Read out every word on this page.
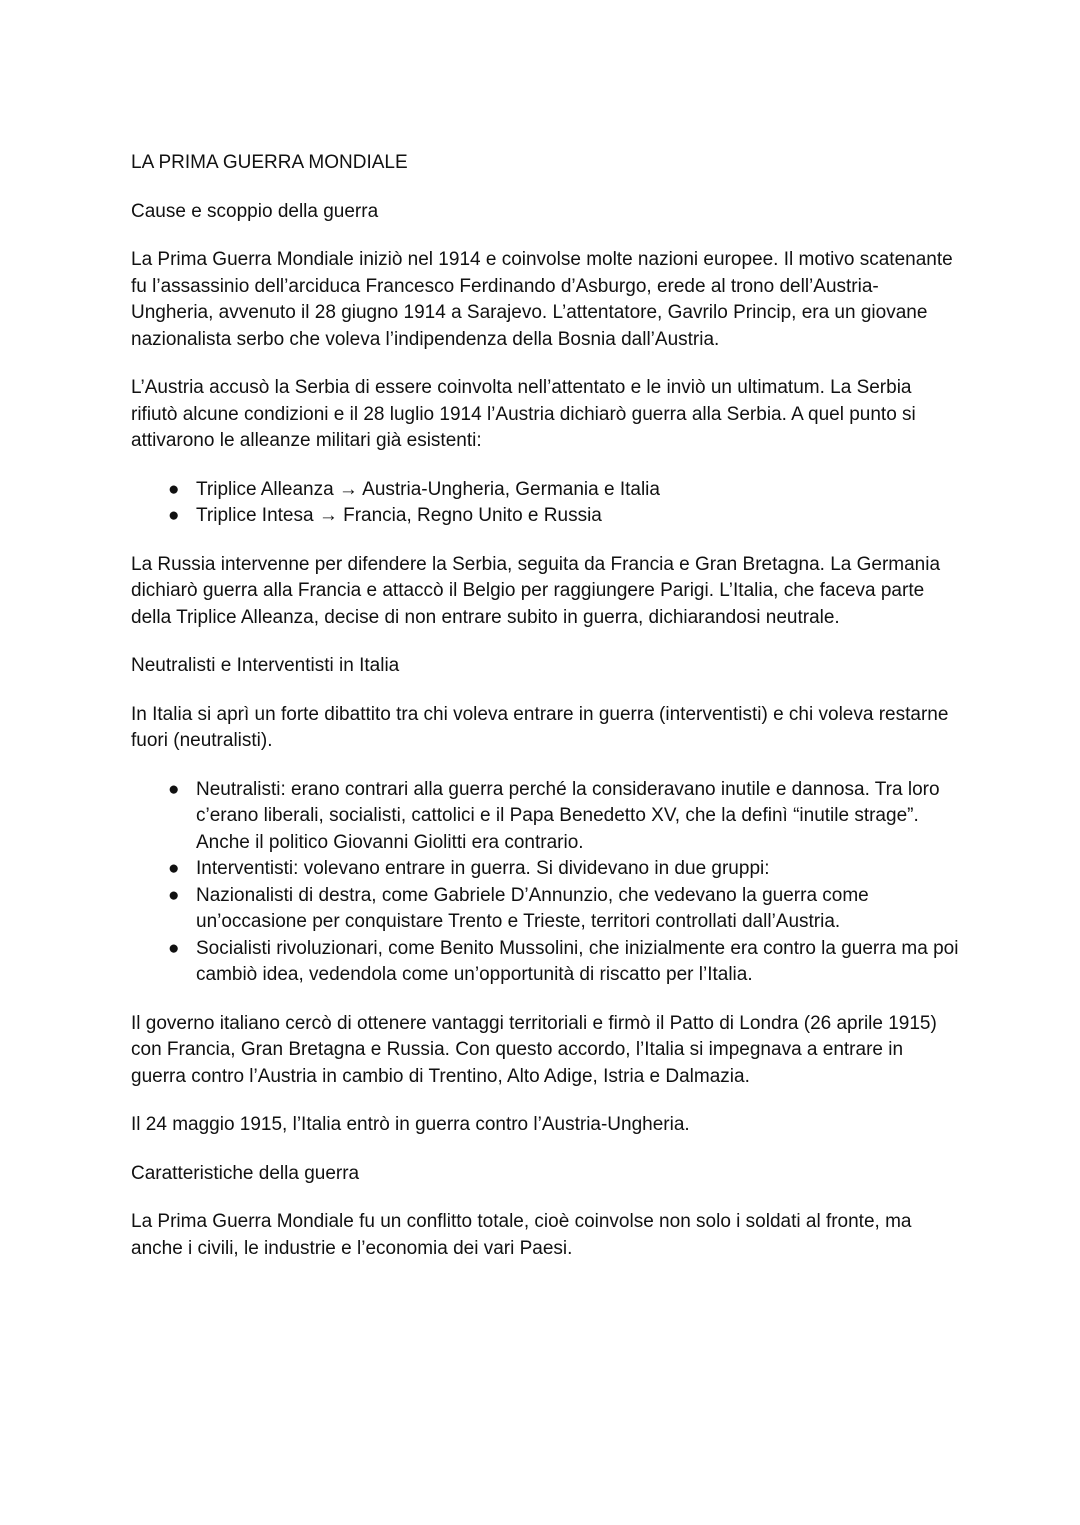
LA PRIMA GUERRA MONDIALE

Cause e scoppio della guerra

La Prima Guerra Mondiale iniziò nel 1914 e coinvolse molte nazioni europee. Il motivo scatenante fu l’assassinio dell’arciduca Francesco Ferdinando d’Asburgo, erede al trono dell’Austria-Ungheria, avvenuto il 28 giugno 1914 a Sarajevo. L’attentatore, Gavrilo Princip, era un giovane nazionalista serbo che voleva l’indipendenza della Bosnia dall’Austria.

L’Austria accusò la Serbia di essere coinvolta nell’attentato e le inviò un ultimatum. La Serbia rifiutò alcune condizioni e il 28 luglio 1914 l’Austria dichiarò guerra alla Serbia. A quel punto si attivarono le alleanze militari già esistenti:

● Triplice Alleanza → Austria-Ungheria, Germania e Italia
● Triplice Intesa → Francia, Regno Unito e Russia

La Russia intervenne per difendere la Serbia, seguita da Francia e Gran Bretagna. La Germania dichiarò guerra alla Francia e attaccò il Belgio per raggiungere Parigi. L’Italia, che faceva parte della Triplice Alleanza, decise di non entrare subito in guerra, dichiarandosi neutrale.

Neutralisti e Interventisti in Italia

In Italia si aprì un forte dibattito tra chi voleva entrare in guerra (interventisti) e chi voleva restarne fuori (neutralisti).

● Neutralisti: erano contrari alla guerra perché la consideravano inutile e dannosa. Tra loro c’erano liberali, socialisti, cattolici e il Papa Benedetto XV, che la definì “inutile strage”. Anche il politico Giovanni Giolitti era contrario.
● Interventisti: volevano entrare in guerra. Si dividevano in due gruppi:
● Nazionalisti di destra, come Gabriele D’Annunzio, che vedevano la guerra come un’occasione per conquistare Trento e Trieste, territori controllati dall’Austria.
● Socialisti rivoluzionari, come Benito Mussolini, che inizialmente era contro la guerra ma poi cambiò idea, vedendola come un’opportunità di riscatto per l’Italia.

Il governo italiano cercò di ottenere vantaggi territoriali e firmò il Patto di Londra (26 aprile 1915) con Francia, Gran Bretagna e Russia. Con questo accordo, l’Italia si impegnava a entrare in guerra contro l’Austria in cambio di Trentino, Alto Adige, Istria e Dalmazia.

Il 24 maggio 1915, l’Italia entrò in guerra contro l’Austria-Ungheria.

Caratteristiche della guerra

La Prima Guerra Mondiale fu un conflitto totale, cioè coinvolse non solo i soldati al fronte, ma anche i civili, le industrie e l’economia dei vari Paesi.
